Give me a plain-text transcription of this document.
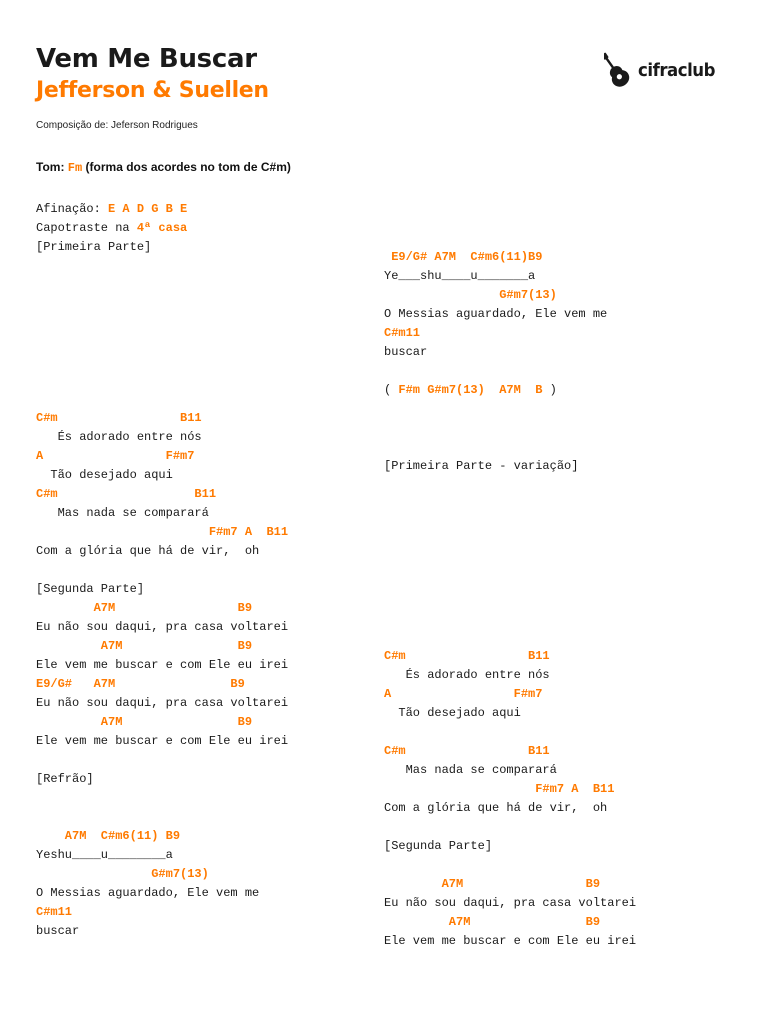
Vem Me Buscar
Jefferson & Suellen
Composição de: Jeferson Rodrigues
Tom: Fm (forma dos acordes no tom de C#m)
cifraclub
Afinação: E A D G B E
Capotraste na 4ª casa
[Primeira Parte]
C#m                 B11
És adorado entre nós
A                 F#m7
Tão desejado aqui
C#m                   B11
Mas nada se comparará
F#m7 A  B11
Com a glória que há de vir,  oh
[Segunda Parte]
A7M                 B9
Eu não sou daqui, pra casa voltarei
A7M                B9
Ele vem me buscar e com Ele eu irei
E9/G#   A7M                B9
Eu não sou daqui, pra casa voltarei
A7M                B9
Ele vem me buscar e com Ele eu irei
[Refrão]
A7M  C#m6(11) B9
Yeshu____u________a
G#m7(13)
O Messias aguardado, Ele vem me
C#m11
buscar
E9/G# A7M  C#m6(11)B9
Ye___shu____u_______a
G#m7(13)
O Messias aguardado, Ele vem me
C#m11
buscar
( F#m G#m7(13)  A7M  B )
[Primeira Parte - variação]
C#m                 B11
És adorado entre nós
A                 F#m7
Tão desejado aqui
C#m                 B11
Mas nada se comparará
F#m7 A  B11
Com a glória que há de vir,  oh
[Segunda Parte]
A7M                 B9
Eu não sou daqui, pra casa voltarei
A7M                B9
Ele vem me buscar e com Ele eu irei
